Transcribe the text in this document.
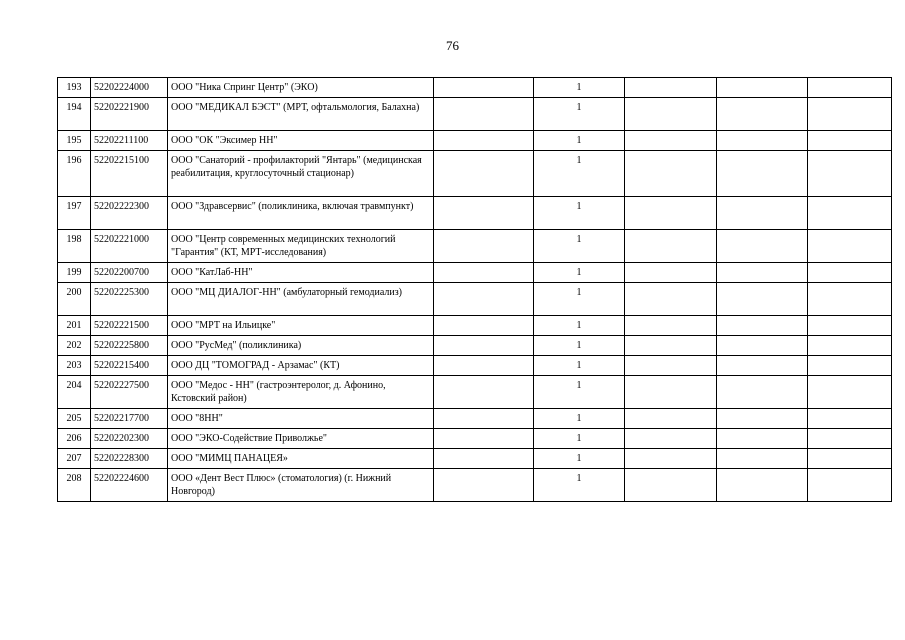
76
193	52202224000	ООО "Ника Спринг Центр" (ЭКО)		1			
194	52202221900	ООО "МЕДИКАЛ БЭСТ" (МРТ, офтальмология, Балахна)		1			
195	52202211100	ООО "ОК "Эксимер НН"		1			
196	52202215100	ООО "Санаторий - профилакторий "Янтарь" (медицинская реабилитация, круглосуточный стационар)		1			
197	52202222300	ООО "Здравсервис" (поликлиника, включая травмпункт)		1			
198	52202221000	ООО "Центр современных медицинских технологий "Гарантия" (КТ, МРТ-исследования)		1			
199	52202200700	ООО "КатЛаб-НН"		1			
200	52202225300	ООО "МЦ ДИАЛОГ-НН" (амбулаторный гемодиализ)		1			
201	52202221500	ООО "МРТ на Ильицке"		1			
202	52202225800	ООО "РусМед" (поликлиника)		1			
203	52202215400	ООО ДЦ "ТОМОГРАД - Арзамас" (КТ)		1			
204	52202227500	ООО "Медос - НН" (гастроэнтеролог, д. Афонино, Кстовский район)		1			
205	52202217700	ООО "8НН"		1			
206	52202202300	ООО "ЭКО-Содействие Приволжье"		1			
207	52202228300	ООО "МИМЦ ПАНАЦЕЯ»		1			
208	52202224600	ООО «Дент Вест Плюс» (стоматология) (г. Нижний Новгород)		1			
